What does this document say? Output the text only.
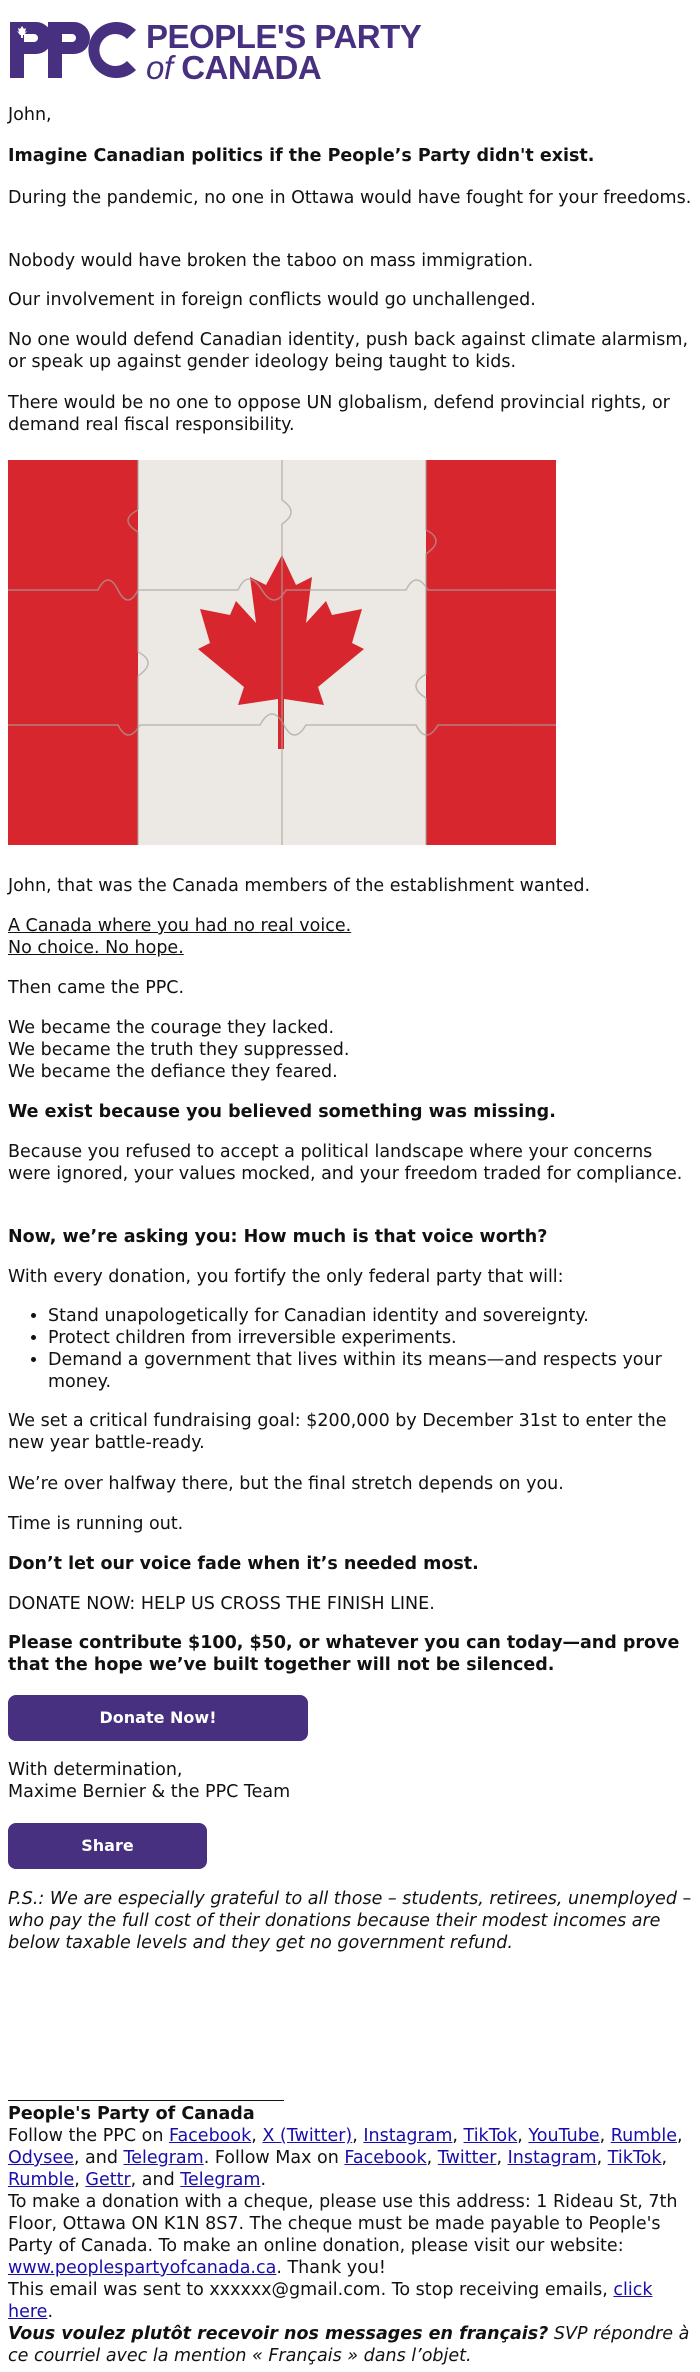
PEOPLE'S PARTY
of CANADA

John,

Imagine Canadian politics if the People’s Party didn't exist.

During the pandemic, no one in Ottawa would have fought for your freedoms.

Nobody would have broken the taboo on mass immigration.

Our involvement in foreign conflicts would go unchallenged.

No one would defend Canadian identity, push back against climate alarmism, or speak up against gender ideology being taught to kids.

There would be no one to oppose UN globalism, defend provincial rights, or demand real fiscal responsibility.

John, that was the Canada members of the establishment wanted.

A Canada where you had no real voice.

No choice. No hope.

Then came the PPC.

We became the courage they lacked.

We became the truth they suppressed.

We became the defiance they feared.

We exist because you believed something was missing.

Because you refused to accept a political landscape where your concerns were ignored, your values mocked, and your freedom traded for compliance.

Now, we’re asking you: How much is that voice worth?

With every donation, you fortify the only federal party that will:

• Stand unapologetically for Canadian identity and sovereignty.
• Protect children from irreversible experiments.
• Demand a government that lives within its means—and respects your money.

We set a critical fundraising goal: $200,000 by December 31st to enter the new year battle-ready.

We’re over halfway there, but the final stretch depends on you.

Time is running out.

Don’t let our voice fade when it’s needed most.

DONATE NOW: HELP US CROSS THE FINISH LINE.

Please contribute $100, $50, or whatever you can today—and prove that the hope we’ve built together will not be silenced.

Donate Now!

With determination,

Maxime Bernier & the PPC Team

Share

P.S.: We are especially grateful to all those – students, retirees, unemployed – who pay the full cost of their donations because their modest incomes are below taxable levels and they get no government refund.

People's Party of Canada
Follow the PPC on Facebook, X (Twitter), Instagram, TikTok, YouTube, Rumble, Odysee, and Telegram. Follow Max on Facebook, Twitter, Instagram, TikTok, Rumble, Gettr, and Telegram.
To make a donation with a cheque, please use this address: 1 Rideau St, 7th Floor, Ottawa ON K1N 8S7. The cheque must be made payable to People's Party of Canada. To make an online donation, please visit our website: www.peoplespartyofcanada.ca. Thank you!
This email was sent to xxxxxx@gmail.com. To stop receiving emails, click here.
Vous voulez plutôt recevoir nos messages en français? SVP répondre à ce courriel avec la mention « Français » dans l’objet.
